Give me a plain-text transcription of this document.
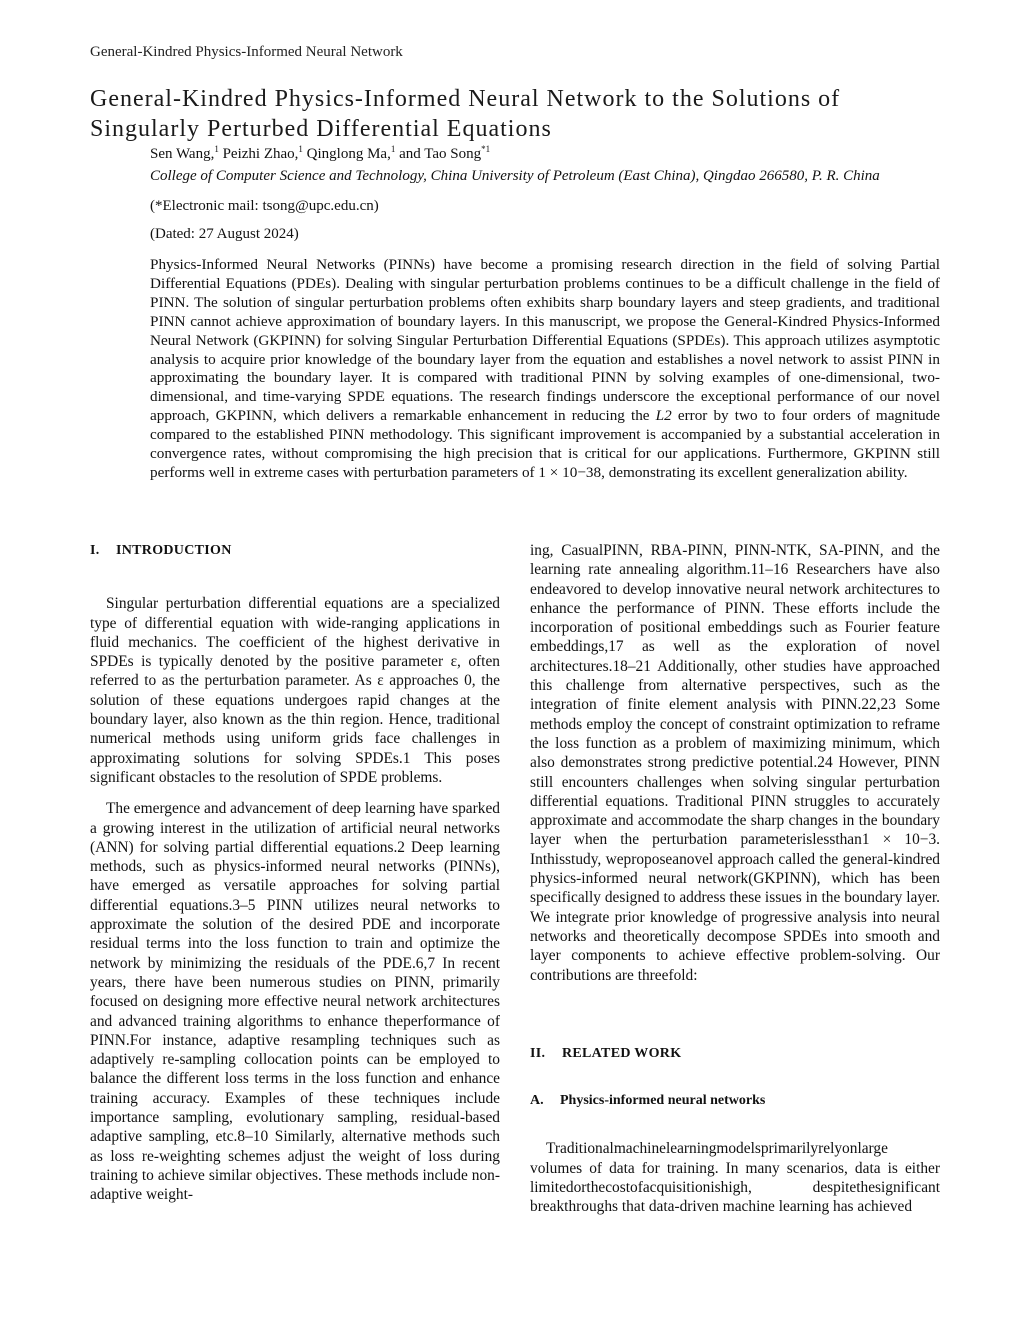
General-Kindred Physics-Informed Neural Network
General-Kindred Physics-Informed Neural Network to the Solutions of Singularly Perturbed Differential Equations

Sen Wang,$^1$ Peizhi Zhao,$^1$ Qinglong Ma,$^1$ and Tao Song$^{*1}$

College of Computer Science and Technology, China University of Petroleum (East China), Qingdao 266580, P. R. China

(*Electronic mail: tsong@upc.edu.cn)

(Dated: 27 August 2024)

Physics-Informed Neural Networks (PINNs) have become a promising research direction in the field of solving Partial Differential Equations (PDEs). Dealing with singular perturbation problems continues to be a difficult challenge in the field of PINN. The solution of singular perturbation problems often exhibits sharp boundary layers and steep gradients, and traditional PINN cannot achieve approximation of boundary layers. In this manuscript, we propose the General-Kindred Physics-Informed Neural Network (GKPINN) for solving Singular Perturbation Differential Equations (SPDEs). This approach utilizes asymptotic analysis to acquire prior knowledge of the boundary layer from the equation and establishes a novel network to assist PINN in approximating the boundary layer. It is compared with traditional PINN by solving examples of one-dimensional, two-dimensional, and time-varying SPDE equations. The research findings underscore the exceptional performance of our novel approach, GKPINN, which delivers a remarkable enhancement in reducing the L2 error by two to four orders of magnitude compared to the established PINN methodology. This significant improvement is accompanied by a substantial acceleration in convergence rates, without compromising the high precision that is critical for our applications. Furthermore, GKPINN still performs well in extreme cases with perturbation parameters of 1 × 10−38, demonstrating its excellent generalization ability.

I. INTRODUCTION

Singular perturbation differential equations are a specialized type of differential equation with wide-ranging applications in fluid mechanics. The coefficient of the highest derivative in SPDEs is typically denoted by the positive parameter ε, often referred to as the perturbation parameter. As ε approaches 0, the solution of these equations undergoes rapid changes at the boundary layer, also known as the thin region. Hence, traditional numerical methods using uniform grids face challenges in approximating solutions for solving SPDEs.1 This poses significant obstacles to the resolution of SPDE problems.

The emergence and advancement of deep learning have sparked a growing interest in the utilization of artificial neural networks (ANN) for solving partial differential equations.2 Deep learning methods, such as physics-informed neural networks (PINNs), have emerged as versatile approaches for solving partial differential equations.3–5 PINN utilizes neural networks to approximate the solution of the desired PDE and incorporate residual terms into the loss function to train and optimize the network by minimizing the residuals of the PDE.6,7 In recent years, there have been numerous studies on PINN, primarily focused on designing more effective neural network architectures and advanced training algorithms to enhance theperformance of PINN.For instance, adaptive resampling techniques such as adaptively re-sampling collocation points can be employed to balance the different loss terms in the loss function and enhance training accuracy. Examples of these techniques include importance sampling, evolutionary sampling, residual-based adaptive sampling, etc.8–10 Similarly, alternative methods such as loss re-weighting schemes adjust the weight of loss during training to achieve similar objectives. These methods include non-adaptive weight-

ing, CasualPINN, RBA-PINN, PINN-NTK, SA-PINN, and the learning rate annealing algorithm.11–16 Researchers have also endeavored to develop innovative neural network architectures to enhance the performance of PINN. These efforts include the incorporation of positional embeddings such as Fourier feature embeddings,17 as well as the exploration of novel architectures.18–21 Additionally, other studies have approached this challenge from alternative perspectives, such as the integration of finite element analysis with PINN.22,23 Some methods employ the concept of constraint optimization to reframe the loss function as a problem of maximizing minimum, which also demonstrates strong predictive potential.24 However, PINN still encounters challenges when solving singular perturbation differential equations. Traditional PINN struggles to accurately approximate and accommodate the sharp changes in the boundary layer when the perturbation parameterislessthan1 × 10−3. Inthisstudy, weproposeanovel approach called the general-kindred physics-informed neural network(GKPINN), which has been specifically designed to address these issues in the boundary layer. We integrate prior knowledge of progressive analysis into neural networks and theoretically decompose SPDEs into smooth and layer components to achieve effective problem-solving. Our contributions are threefold:

II. RELATED WORK
A. Physics-informed neural networks

Traditionalmachinelearningmodelsprimarilyrelyonlarge volumes of data for training. In many scenarios, data is either limitedorthecostofacquisitionishigh, despitethesignificant breakthroughs that data-driven machine learning has achieved
